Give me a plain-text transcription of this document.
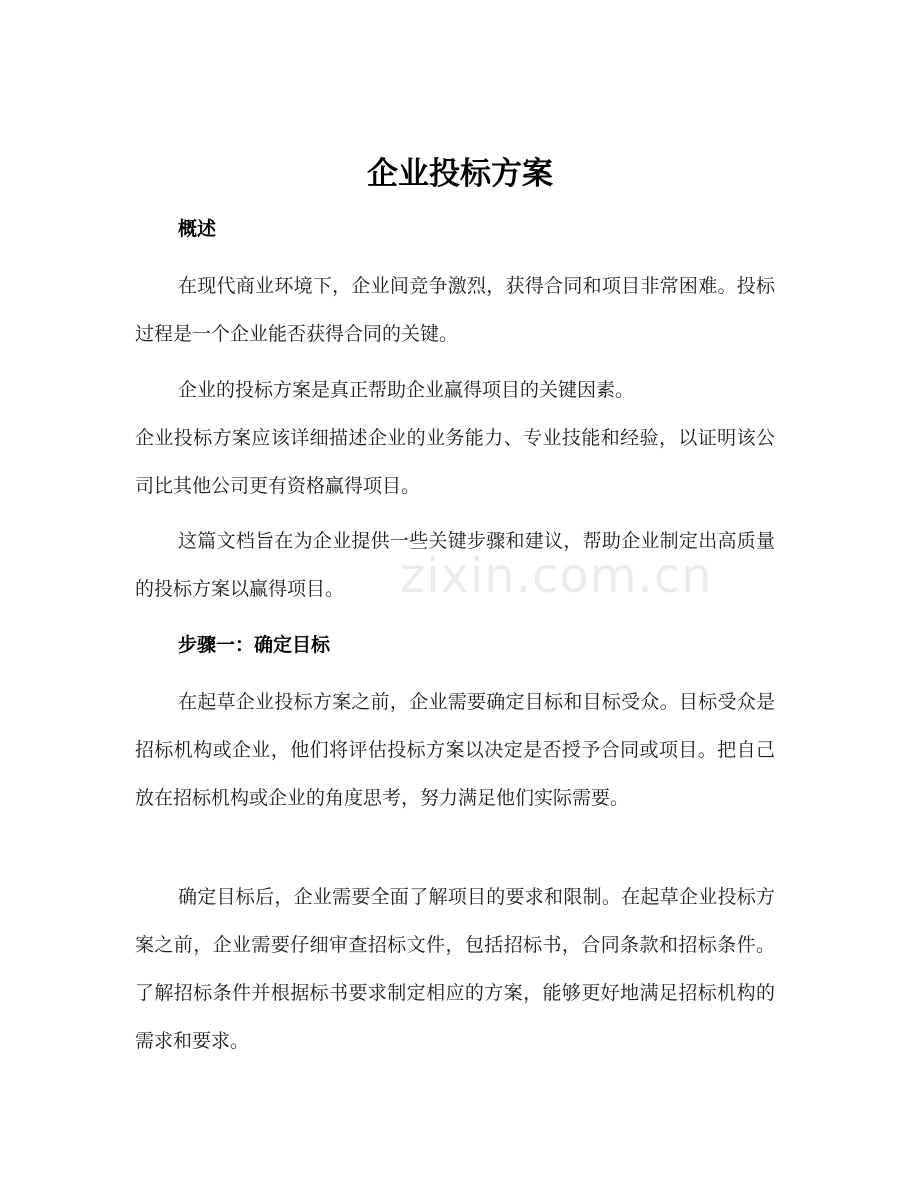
企业投标方案
概述
在现代商业环境下，企业间竞争激烈，获得合同和项目非常困难。投标过程是一个企业能否获得合同的关键。
企业的投标方案是真正帮助企业赢得项目的关键因素。
企业投标方案应该详细描述企业的业务能力、专业技能和经验，以证明该公司比其他公司更有资格赢得项目。
这篇文档旨在为企业提供一些关键步骤和建议，帮助企业制定出高质量的投标方案以赢得项目。	zixin.com.cn
步骤一：确定目标
在起草企业投标方案之前，企业需要确定目标和目标受众。目标受众是招标机构或企业，他们将评估投标方案以决定是否授予合同或项目。把自己放在招标机构或企业的角度思考，努力满足他们实际需要。
确定目标后，企业需要全面了解项目的要求和限制。在起草企业投标方案之前，企业需要仔细审查招标文件，包括招标书，合同条款和招标条件。了解招标条件并根据标书要求制定相应的方案，能够更好地满足招标机构的需求和要求。
